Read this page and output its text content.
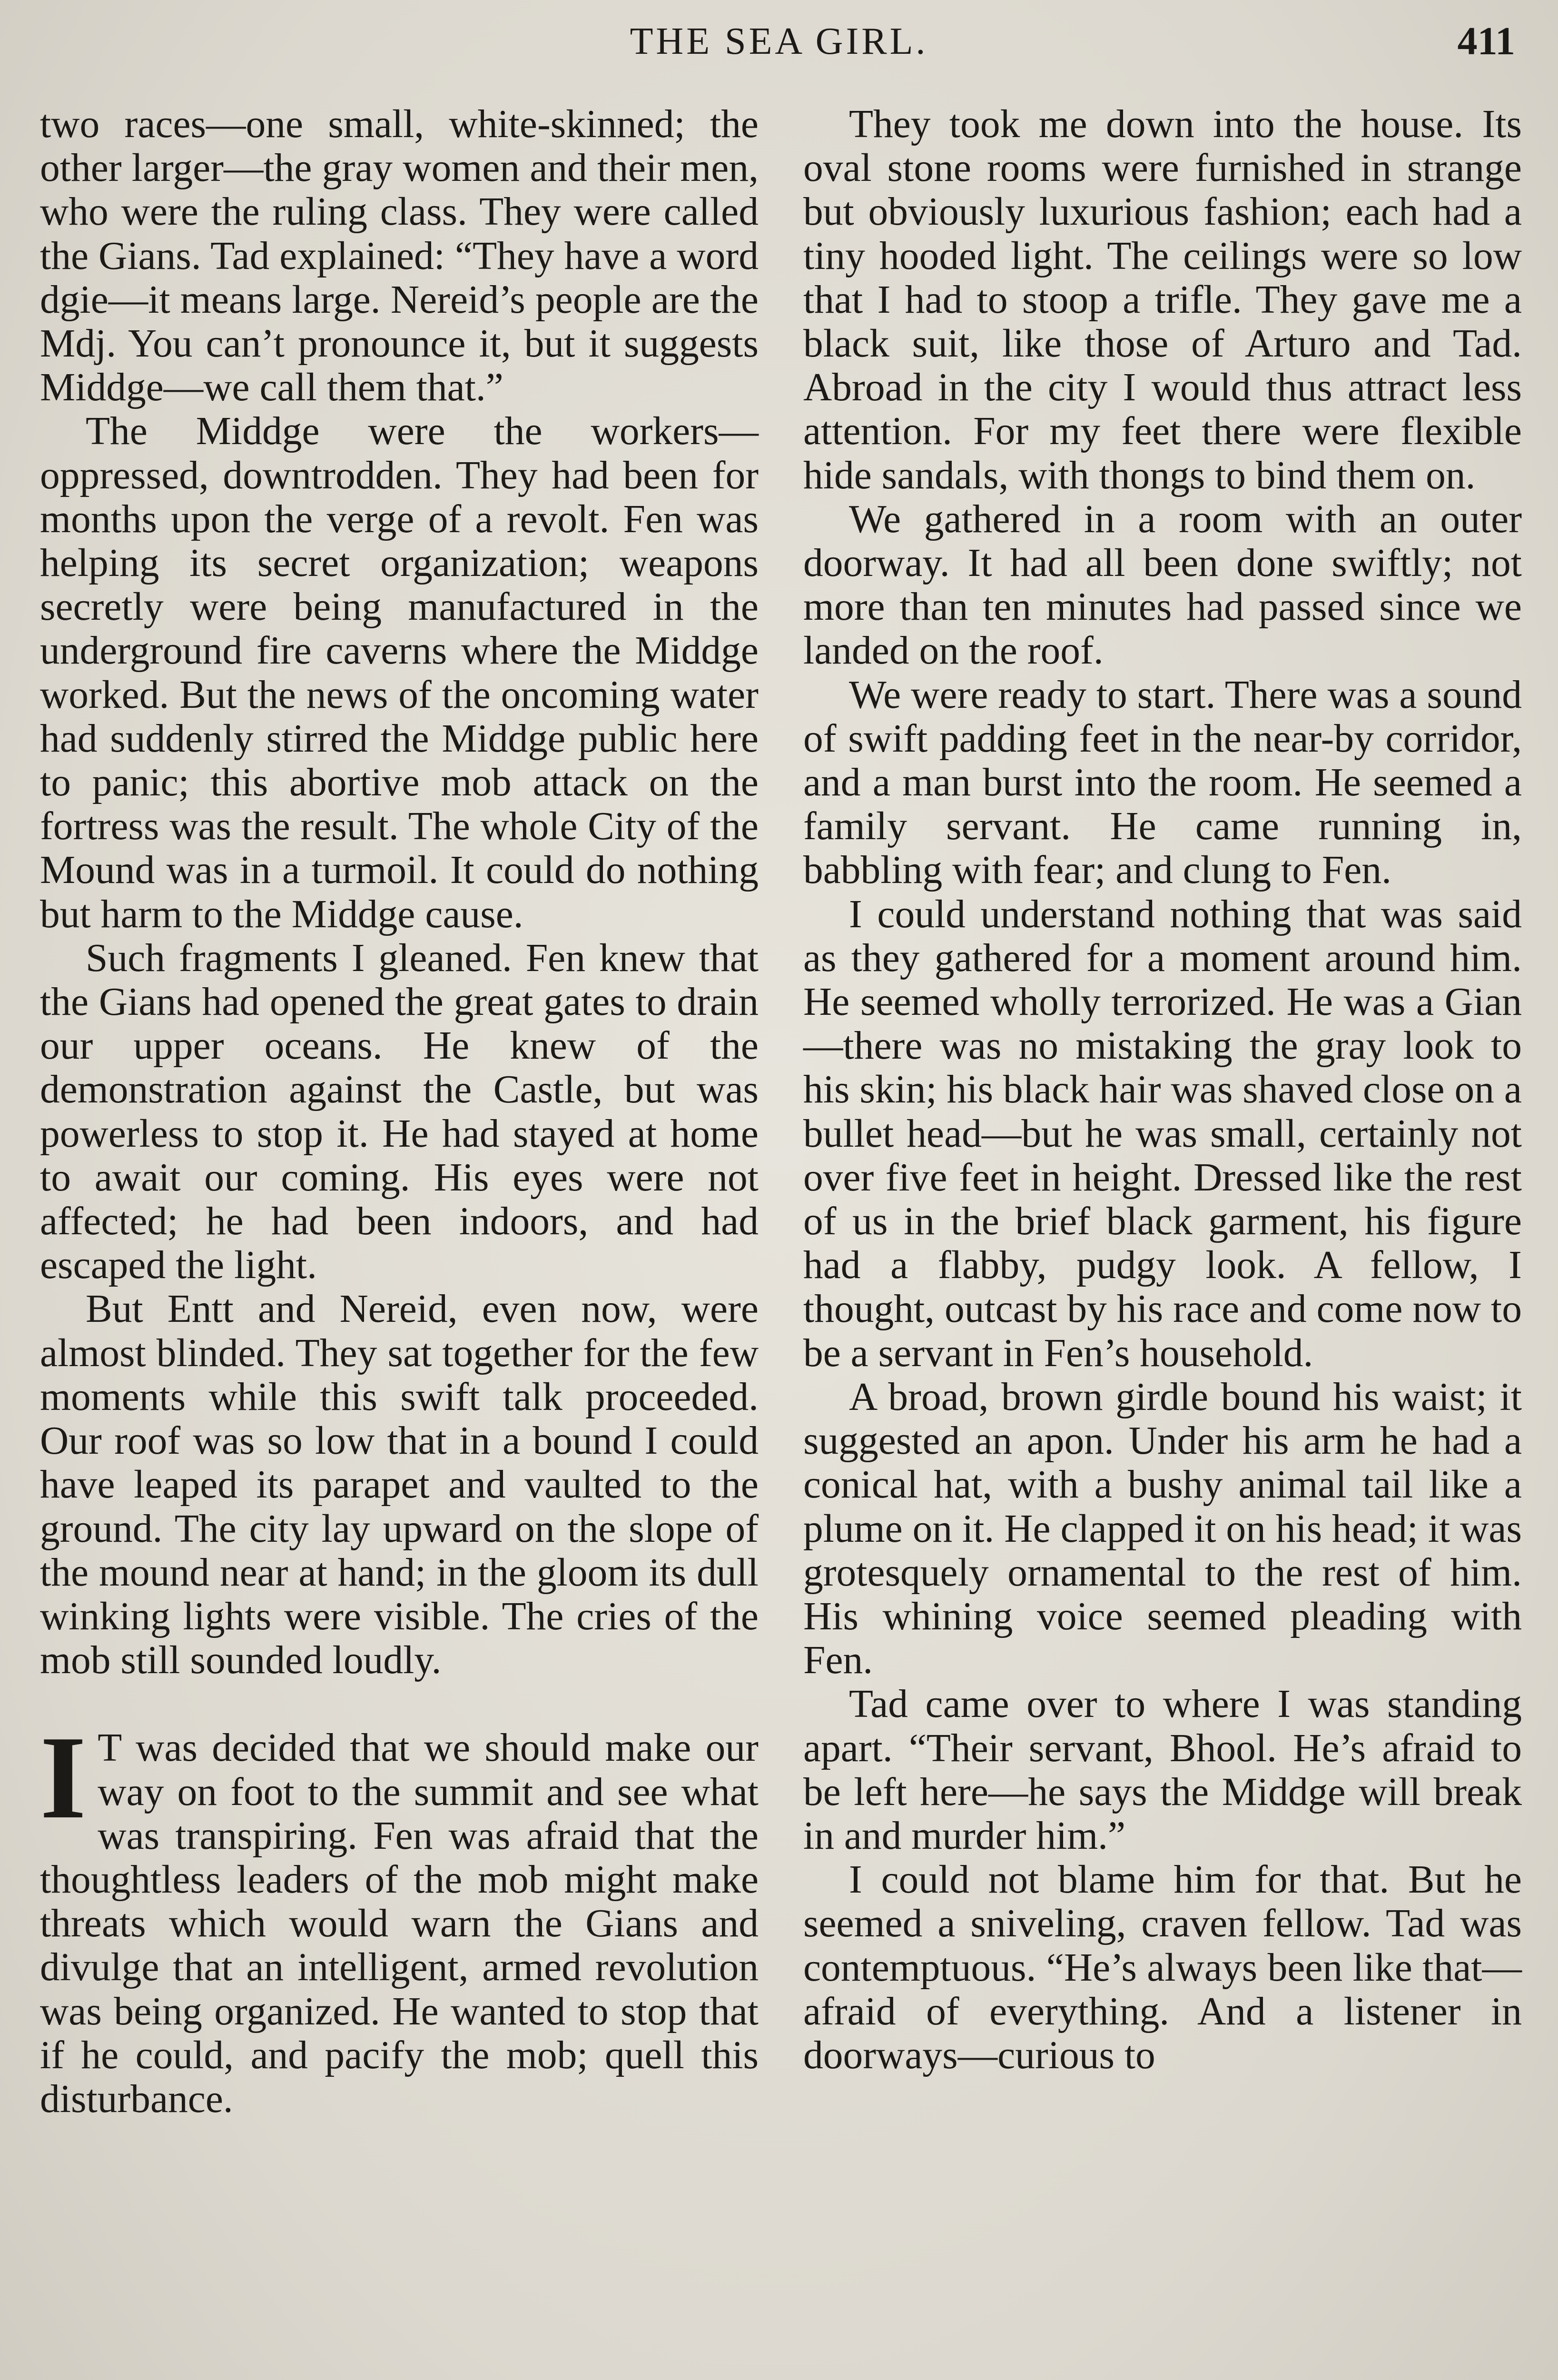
THE SEA GIRL.	411

two races—one small, white-skinned; the other larger—the gray women and their men, who were the ruling class. They were called the Gians. Tad explained: “They have a word dgie—it means large. Nereid’s people are the Mdj. You can’t pronounce it, but it suggests Middge—we call them that.”

The Middge were the workers—oppressed, downtrodden. They had been for months upon the verge of a revolt. Fen was helping its secret organization; weapons secretly were being manufactured in the underground fire caverns where the Middge worked. But the news of the oncoming water had suddenly stirred the Middge public here to panic; this abortive mob attack on the fortress was the result. The whole City of the Mound was in a turmoil. It could do nothing but harm to the Middge cause.

Such fragments I gleaned. Fen knew that the Gians had opened the great gates to drain our upper oceans. He knew of the demonstration against the Castle, but was powerless to stop it. He had stayed at home to await our coming. His eyes were not affected; he had been indoors, and had escaped the light.

But Entt and Nereid, even now, were almost blinded. They sat together for the few moments while this swift talk proceeded. Our roof was so low that in a bound I could have leaped its parapet and vaulted to the ground. The city lay upward on the slope of the mound near at hand; in the gloom its dull winking lights were visible. The cries of the mob still sounded loudly.

I T was decided that we should make our way on foot to the summit and see what was transpiring. Fen was afraid that the thoughtless leaders of the mob might make threats which would warn the Gians and divulge that an intelligent, armed revolution was being organized. He wanted to stop that if he could, and pacify the mob; quell this disturbance.

They took me down into the house. Its oval stone rooms were furnished in strange but obviously luxurious fashion; each had a tiny hooded light. The ceilings were so low that I had to stoop a trifle. They gave me a black suit, like those of Arturo and Tad. Abroad in the city I would thus attract less attention. For my feet there were flexible hide sandals, with thongs to bind them on.

We gathered in a room with an outer doorway. It had all been done swiftly; not more than ten minutes had passed since we landed on the roof.

We were ready to start. There was a sound of swift padding feet in the near-by corridor, and a man burst into the room. He seemed a family servant. He came running in, babbling with fear; and clung to Fen.

I could understand nothing that was said as they gathered for a moment around him. He seemed wholly terrorized. He was a Gian—there was no mistaking the gray look to his skin; his black hair was shaved close on a bullet head—but he was small, certainly not over five feet in height. Dressed like the rest of us in the brief black garment, his figure had a flabby, pudgy look. A fellow, I thought, outcast by his race and come now to be a servant in Fen’s household.

A broad, brown girdle bound his waist; it suggested an apon. Under his arm he had a conical hat, with a bushy animal tail like a plume on it. He clapped it on his head; it was grotesquely ornamental to the rest of him. His whining voice seemed pleading with Fen.

Tad came over to where I was standing apart. “Their servant, Bhool. He’s afraid to be left here—he says the Middge will break in and murder him.”

I could not blame him for that. But he seemed a sniveling, craven fellow. Tad was contemptuous. “He’s always been like that—afraid of everything. And a listener in doorways—curious to
